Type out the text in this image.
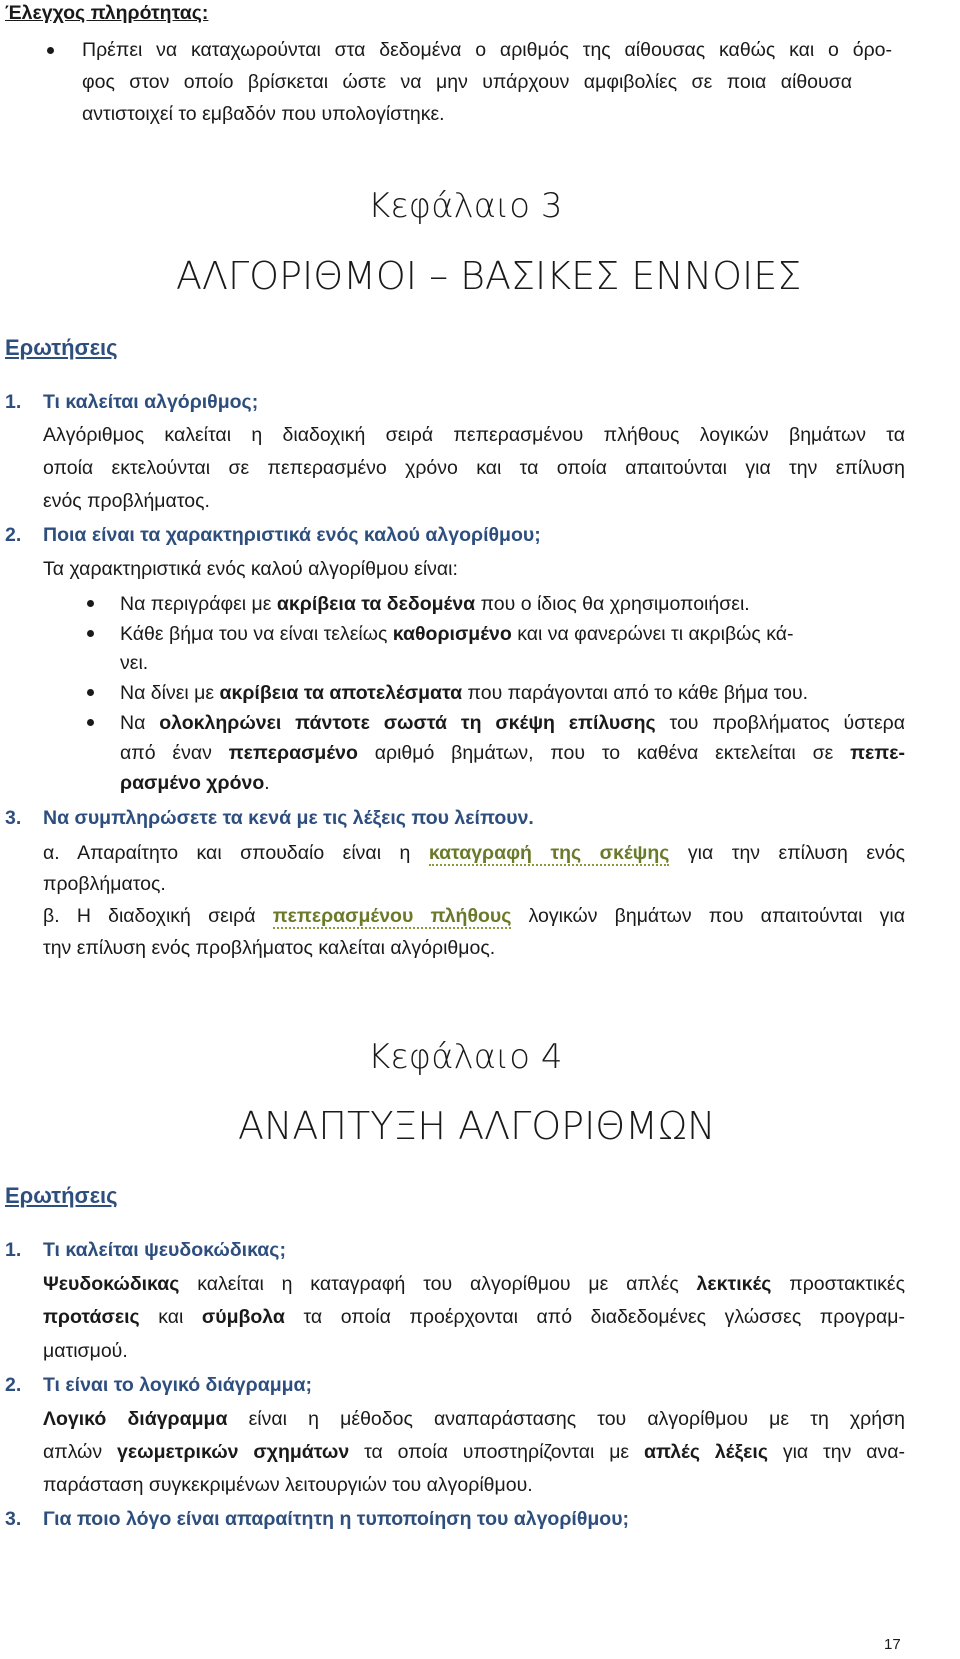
Έλεγχος πληρότητας:
Πρέπει να καταχωρούνται στα δεδομένα ο αριθμός της αίθουσας καθώς και ο όρο-
φος στον οποίο βρίσκεται ώστε να μην υπάρχουν αμφιβολίες σε ποια αίθουσα
αντιστοιχεί το εμβαδόν που υπολογίστηκε.
Κεφάλαιο 3
ΑΛΓΟΡΙΘΜΟΙ – ΒΑΣΙΚΕΣ ΕΝΝΟΙΕΣ
Ερωτήσεις
1. Τι καλείται αλγόριθμος;
Αλγόριθμος καλείται η διαδοχική σειρά πεπερασμένου πλήθους λογικών βημάτων τα
οποία εκτελούνται σε πεπερασμένο χρόνο και τα οποία απαιτούνται για την επίλυση
ενός προβλήματος.
2. Ποια είναι τα χαρακτηριστικά ενός καλού αλγορίθμου;
Τα χαρακτηριστικά ενός καλού αλγορίθμου είναι:
Να περιγράφει με ακρίβεια τα δεδομένα που ο ίδιος θα χρησιμοποιήσει.
Κάθε βήμα του να είναι τελείως καθορισμένο και να φανερώνει τι ακριβώς κά-
νει.
Να δίνει με ακρίβεια τα αποτελέσματα που παράγονται από το κάθε βήμα του.
Να ολοκληρώνει πάντοτε σωστά τη σκέψη επίλυσης του προβλήματος ύστερα
από έναν πεπερασμένο αριθμό βημάτων, που το καθένα εκτελείται σε πεπε-
ρασμένο χρόνο.
3. Να συμπληρώσετε τα κενά με τις λέξεις που λείπουν.
α. Απαραίτητο και σπουδαίο είναι η καταγραφή της σκέψης για την επίλυση ενός
προβλήματος.
β. Η διαδοχική σειρά πεπερασμένου πλήθους λογικών βημάτων που απαιτούνται για
την επίλυση ενός προβλήματος καλείται αλγόριθμος.
Κεφάλαιο 4
ΑΝΑΠΤΥΞΗ ΑΛΓΟΡΙΘΜΩΝ
Ερωτήσεις
1. Τι καλείται ψευδοκώδικας;
Ψευδοκώδικας καλείται η καταγραφή του αλγορίθμου με απλές λεκτικές προστακτικές
προτάσεις και σύμβολα τα οποία προέρχονται από διαδεδομένες γλώσσες προγραμ-
ματισμού.
2. Τι είναι το λογικό διάγραμμα;
Λογικό διάγραμμα είναι η μέθοδος αναπαράστασης του αλγορίθμου με τη χρήση
απλών γεωμετρικών σχημάτων τα οποία υποστηρίζονται με απλές λέξεις για την ανα-
παράσταση συγκεκριμένων λειτουργιών του αλγορίθμου.
3. Για ποιο λόγο είναι απαραίτητη η τυποποίηση του αλγορίθμου;
17
